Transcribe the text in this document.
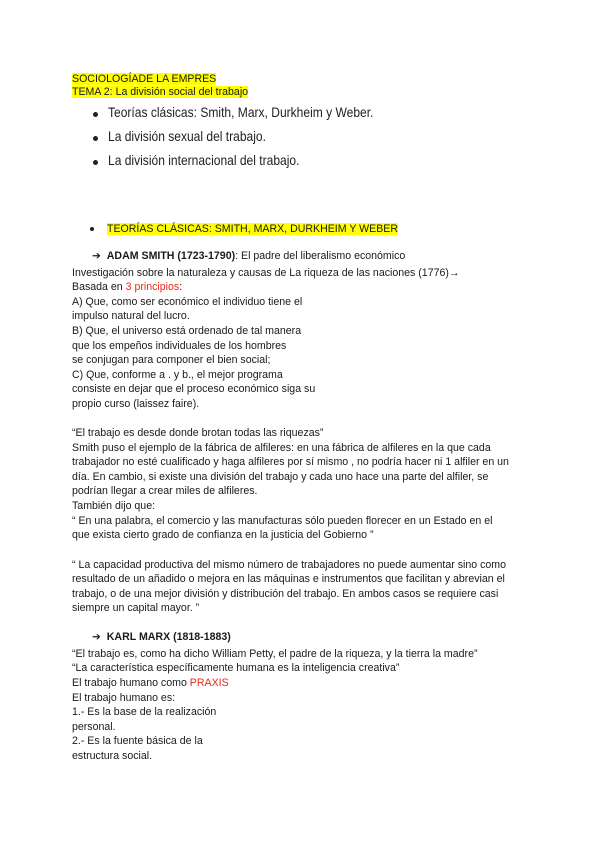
SOCIOLOGÍADE LA EMPRES
TEMA 2: La división social del trabajo
Teorías clásicas: Smith, Marx, Durkheim y Weber.
La división sexual del trabajo.
La división internacional del trabajo.
TEORÍAS CLÁSICAS: SMITH, MARX, DURKHEIM Y WEBER
➔ ADAM SMITH (1723-1790): El padre del liberalismo económico
Investigación sobre la naturaleza y causas de La riqueza de las naciones (1776)→
Basada en 3 principios:
A) Que, como ser económico el individuo tiene el
impulso natural del lucro.
B) Que, el universo está ordenado de tal manera
que los empeños individuales de los hombres
se conjugan para componer el bien social;
C) Que, conforme a . y b., el mejor programa
consiste en dejar que el proceso económico siga su
propio curso (laissez faire).
“El trabajo es desde donde brotan todas las riquezas”
Smith puso el ejemplo de la fábrica de alfileres: en una fábrica de alfileres en la que cada
trabajador no esté cualificado y haga alfileres por sí mismo , no podría hacer ni 1 alfiler en un
día. En cambio, si existe una división del trabajo y cada uno hace una parte del alfiler, se
podrían llegar a crear miles de alfileres.
También dijo que:
“ En una palabra, el comercio y las manufacturas sólo pueden florecer en un Estado en el
que exista cierto grado de confianza en la justicia del Gobierno ”
“ La capacidad productiva del mismo número de trabajadores no puede aumentar sino como
resultado de un añadido o mejora en las máquinas e instrumentos que facilitan y abrevian el
trabajo, o de una mejor división y distribución del trabajo. En ambos casos se requiere casi
siempre un capital mayor. ”
➔ KARL MARX (1818-1883)
“El trabajo es, como ha dicho William Petty, el padre de la riqueza, y la tierra la madre”
“La característica específicamente humana es la inteligencia creativa”
El trabajo humano como PRAXIS
El trabajo humano es:
1.- Es la base de la realización
personal.
2.- Es la fuente básica de la
estructura social.
